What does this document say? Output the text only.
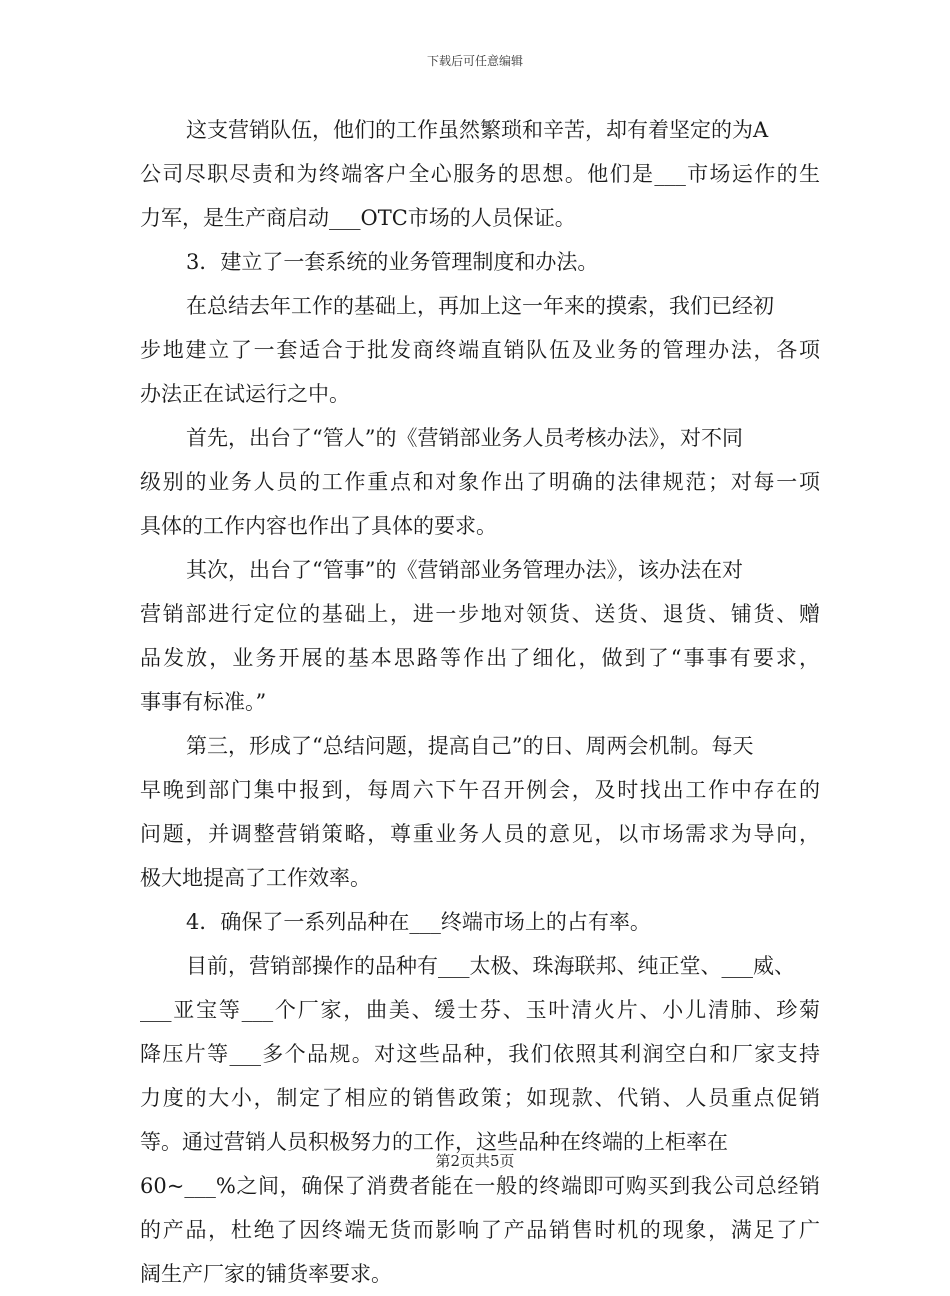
下载后可任意编辑
这支营销队伍，他们的工作虽然繁琐和辛苦，却有着坚定的为A
公司尽职尽责和为终端客户全心服务的思想。他们是___市场运作的生
力军，是生产商启动___OTC市场的人员保证。
3．建立了一套系统的业务管理制度和办法。
在总结去年工作的基础上，再加上这一年来的摸索，我们已经初
步地建立了一套适合于批发商终端直销队伍及业务的管理办法，各项
办法正在试运行之中。
首先，出台了“管人”的《营销部业务人员考核办法》，对不同
级别的业务人员的工作重点和对象作出了明确的法律规范；对每一项
具体的工作内容也作出了具体的要求。
其次，出台了“管事”的《营销部业务管理办法》，该办法在对
营销部进行定位的基础上，进一步地对领货、送货、退货、铺货、赠
品发放，业务开展的基本思路等作出了细化，做到了“事事有要求，
事事有标准。”
第三，形成了“总结问题，提高自己”的日、周两会机制。每天
早晚到部门集中报到，每周六下午召开例会，及时找出工作中存在的
问题，并调整营销策略，尊重业务人员的意见，以市场需求为导向，
极大地提高了工作效率。
4．确保了一系列品种在___终端市场上的占有率。
目前，营销部操作的品种有___太极、珠海联邦、纯正堂、___威、
___亚宝等___个厂家，曲美、缓士芬、玉叶清火片、小儿清肺、珍菊
降压片等___多个品规。对这些品种，我们依照其利润空白和厂家支持
力度的大小，制定了相应的销售政策；如现款、代销、人员重点促销
等。通过营销人员积极努力的工作，这些品种在终端的上柜率在
60~___%之间，确保了消费者能在一般的终端即可购买到我公司总经销
的产品，杜绝了因终端无货而影响了产品销售时机的现象，满足了广
阔生产厂家的铺货率要求。
第2页共5页
